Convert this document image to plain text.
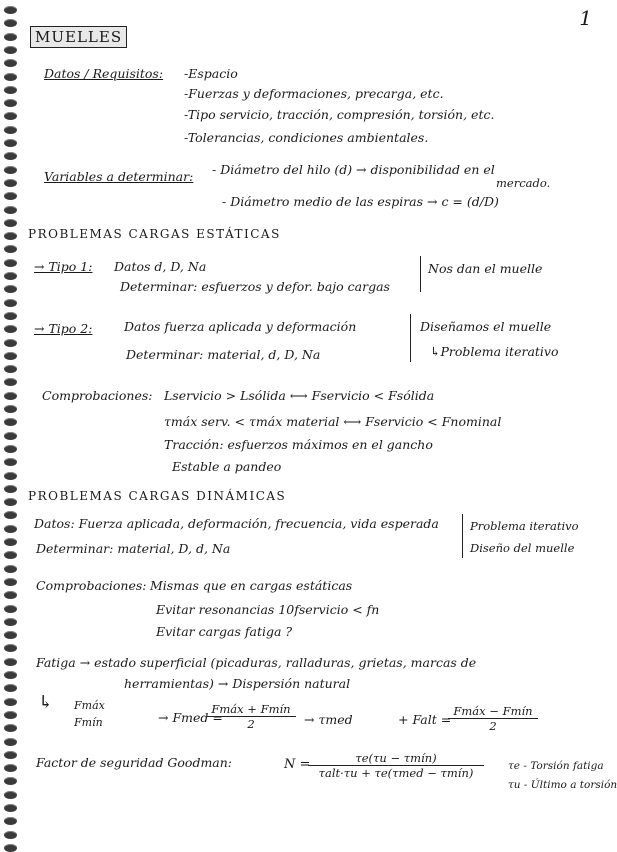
1
MUELLES
Datos / Requisitos: -Espacio
-Fuerzas y deformaciones, precarga, etc.
-Tipo servicio, tracción, compresión, torsión, etc.
-Tolerancias, condiciones ambientales.
Variables a determinar: - Diámetro del hilo (d) → disponibilidad en el
mercado.
- Diámetro medio de las espiras → c = (d/D)
PROBLEMAS CARGAS ESTÁTICAS
→ Tipo 1: Datos d, D, Na
Determinar: esfuerzos y defor. bajo cargas
Nos dan el muelle
→ Tipo 2:	Datos fuerza aplicada y deformación
Determinar: material, d, D, Na
Diseñamos el muelle
↳Problema iterativo
Comprobaciones: Lservicio > Lsólida ⟷ Fservicio < Fsólida
τmáx serv. < τmáx material ⟷ Fservicio < Fnominal
Tracción: esfuerzos máximos en el gancho
Estable a pandeo
PROBLEMAS CARGAS DINÁMICAS
Datos: Fuerza aplicada, deformación, frecuencia, vida esperada
Determinar: material, D, d, Na
Problema iterativo
Diseño del muelle
Comprobaciones: Mismas que en cargas estáticas
Evitar resonancias 10fservicio < fn
Evitar cargas fatiga ?
Fatiga → estado superficial (picaduras, ralladuras, grietas, marcas de
herramientas) → Dispersión natural
↳ Fmáx
Fmín	→ Fmed =
Fmáx + Fmín
2	→ τmed	+ Falt =
Fmáx − Fmín
2
Factor de seguridad Goodman:	N =	τe(τu − τmín)
τalt·τu + τe(τmed − τmín)	τe - Torsión fatiga
τu - Último a torsión
